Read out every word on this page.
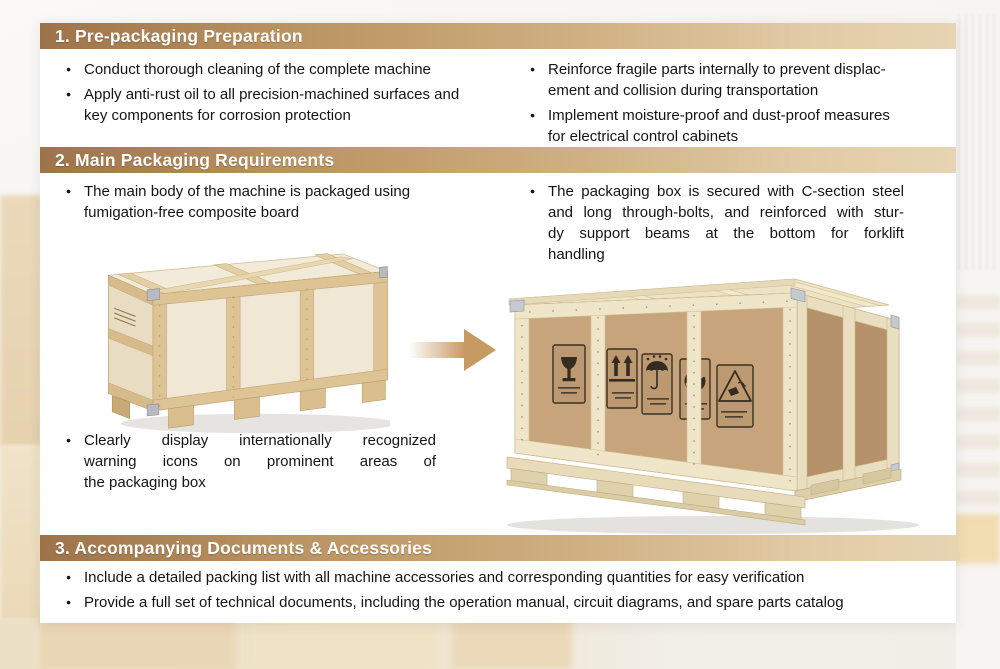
1. Pre-packaging Preparation
● Conduct thorough cleaning of the complete machine
● Apply anti-rust oil to all precision-machined surfaces and
key components for corrosion protection
● Reinforce fragile parts internally to prevent displac-
ement and collision during transportation
● Implement moisture-proof and dust-proof measures
for electrical control cabinets
2. Main Packaging Requirements
● The main body of the machine is packaged using
fumigation-free composite board
● Clearly display internationally recognized
warning icons on prominent areas of
the packaging box
● The packaging box is secured with C-section steel
and long through-bolts, and reinforced with stur-
dy support beams at the bottom for forklift
handling
3. Accompanying Documents & Accessories
● Include a detailed packing list with all machine accessories and corresponding quantities for easy verification
● Provide a full set of technical documents, including the operation manual, circuit diagrams, and spare parts catalog
